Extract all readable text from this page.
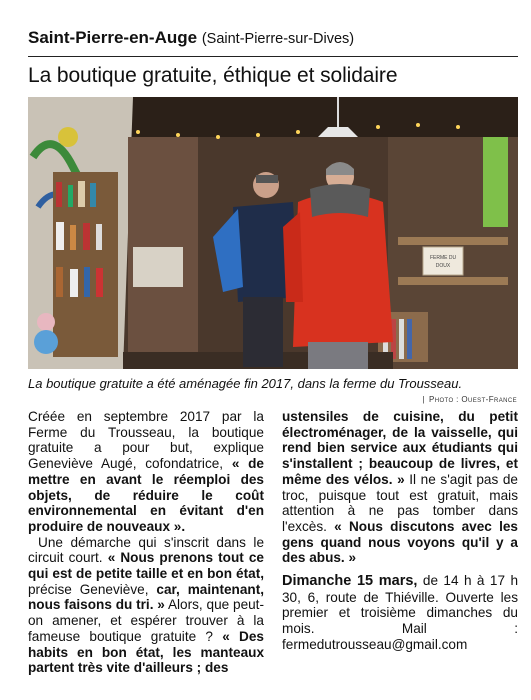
Saint-Pierre-en-Auge (Saint-Pierre-sur-Dives)
La boutique gratuite, éthique et solidaire
FERME DU
DOUX
La boutique gratuite a été aménagée fin 2017, dans la ferme du Trousseau.
| Photo : Ouest-France

Créée en septembre 2017 par la Ferme du Trousseau, la boutique gratuite a pour but, explique Geneviève Augé, cofondatrice, « de mettre en avant le réemploi des objets, de réduire le coût environnemental en évitant d'en produire de nouveaux ».

Une démarche qui s'inscrit dans le circuit court. « Nous prenons tout ce qui est de petite taille et en bon état, précise Geneviève, car, maintenant, nous faisons du tri. » Alors, que peut-on amener, et espérer trouver à la fameuse boutique gratuite ? « Des habits en bon état, les manteaux partent très vite d'ailleurs ; des

ustensiles de cuisine, du petit électroménager, de la vaisselle, qui rend bien service aux étudiants qui s'installent ; beaucoup de livres, et même des vélos. » Il ne s'agit pas de troc, puisque tout est gratuit, mais attention à ne pas tomber dans l'excès. « Nous discutons avec les gens quand nous voyons qu'il y a des abus. »

Dimanche 15 mars, de 14 h à 17 h 30, 6, route de Thiéville. Ouverte les premier et troisième dimanches du mois. Mail : fermedutrousseau@gmail.com
